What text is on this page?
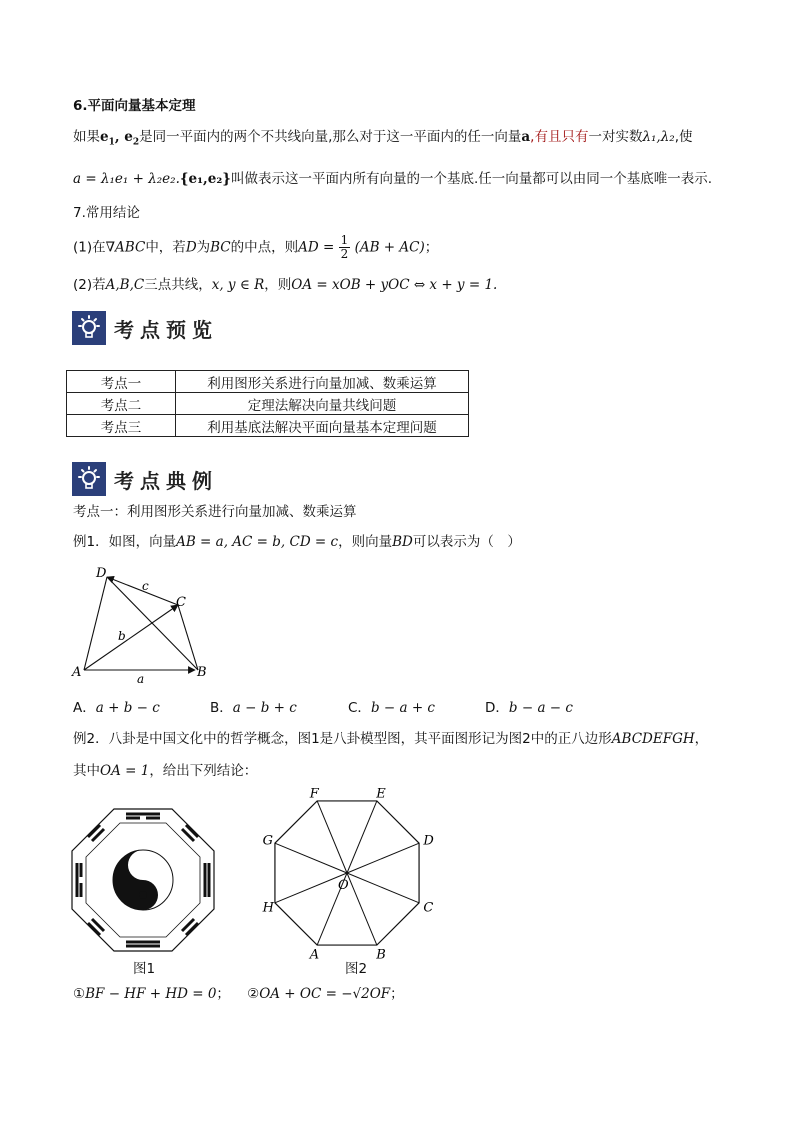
6.平面向量基本定理
如果$e_1$, $e_2$是同一平面内的两个不共线向量,那么对于这一平面内的任一向量a,有且只有一对实数λ₁,λ₂,使
a = λ₁e₁ + λ₂e₂.{e₁,e₂}叫做表示这一平面内所有向量的一个基底.任一向量都可以由同一个基底唯一表示.
7.常用结论
(1)在∇ABC中，若D为BC的中点，则AD = $\frac{1}{2} (AB + AC)$；
(2)若A,B,C三点共线，x, y ∈ R，则OA = xOB + yOC ⇔ x + y = 1.
考点预览
考点一	利用图形关系进行向量加减、数乘运算
考点二	定理法解决向量共线问题
考点三	利用基底法解决平面向量基本定理问题
考点典例
考点一：利用图形关系进行向量加减、数乘运算
例1．如图，向量AB = a, AC = b, CD = c，则向量BD可以表示为（　）
D
C
A	B
a
b
c
A．a + b − c	B．a − b + c	C．b − a + c	D．b − a − c
例2．八卦是中国文化中的哲学概念，图1是八卦模型图，其平面图形记为图2中的正八边形ABCDEFGH，
其中OA = 1，给出下列结论：
图1
A	B
C
D
E
F
G
H
O
图2
①BF − HF + HD = 0； ②OA + OC = −√2OF；
